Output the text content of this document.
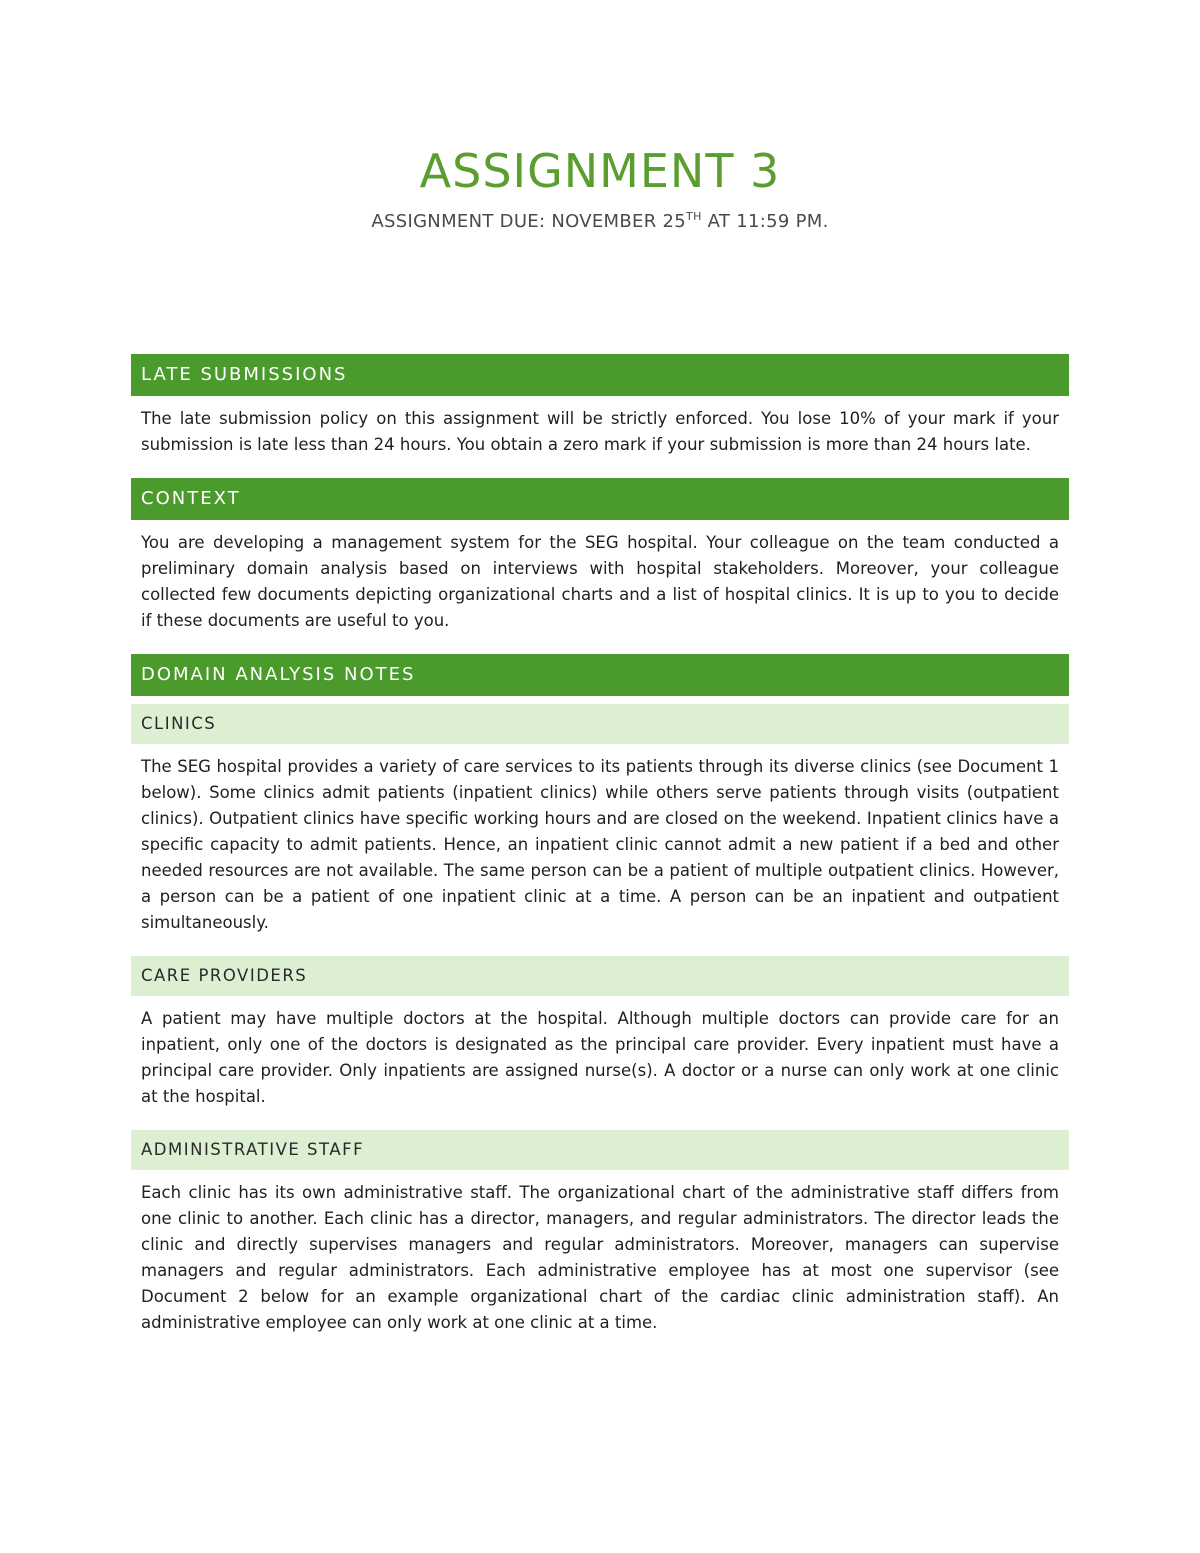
ASSIGNMENT 3
ASSIGNMENT DUE: NOVEMBER 25TH AT 11:59 PM.
LATE SUBMISSIONS
The late submission policy on this assignment will be strictly enforced. You lose 10% of your mark if your submission is late less than 24 hours. You obtain a zero mark if your submission is more than 24 hours late.
CONTEXT
You are developing a management system for the SEG hospital. Your colleague on the team conducted a preliminary domain analysis based on interviews with hospital stakeholders. Moreover, your colleague collected few documents depicting organizational charts and a list of hospital clinics. It is up to you to decide if these documents are useful to you.
DOMAIN ANALYSIS NOTES
CLINICS
The SEG hospital provides a variety of care services to its patients through its diverse clinics (see Document 1 below). Some clinics admit patients (inpatient clinics) while others serve patients through visits (outpatient clinics). Outpatient clinics have specific working hours and are closed on the weekend. Inpatient clinics have a specific capacity to admit patients. Hence, an inpatient clinic cannot admit a new patient if a bed and other needed resources are not available. The same person can be a patient of multiple outpatient clinics. However, a person can be a patient of one inpatient clinic at a time. A person can be an inpatient and outpatient simultaneously.
CARE PROVIDERS
A patient may have multiple doctors at the hospital. Although multiple doctors can provide care for an inpatient, only one of the doctors is designated as the principal care provider. Every inpatient must have a principal care provider. Only inpatients are assigned nurse(s). A doctor or a nurse can only work at one clinic at the hospital.
ADMINISTRATIVE STAFF
Each clinic has its own administrative staff. The organizational chart of the administrative staff differs from one clinic to another. Each clinic has a director, managers, and regular administrators. The director leads the clinic and directly supervises managers and regular administrators. Moreover, managers can supervise managers and regular administrators. Each administrative employee has at most one supervisor (see Document 2 below for an example organizational chart of the cardiac clinic administration staff). An administrative employee can only work at one clinic at a time.
